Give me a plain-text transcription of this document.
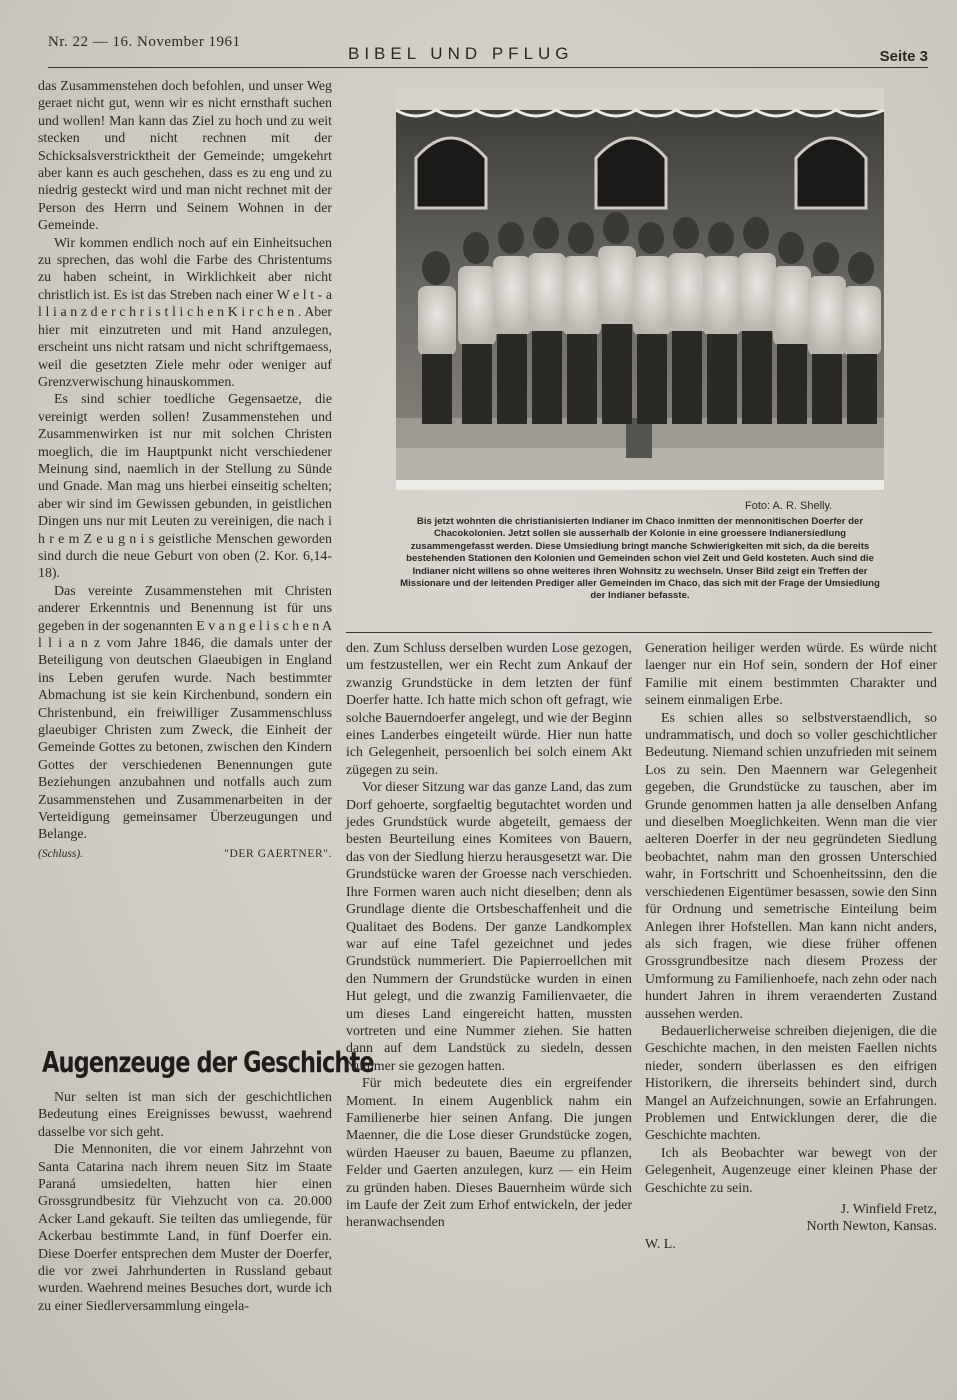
Nr. 22 — 16. November 1961
BIBEL UND PFLUG	Seite 3

das Zusammenstehen doch befohlen, und unser Weg geraet nicht gut, wenn wir es nicht ernsthaft suchen und wollen! Man kann das Ziel zu hoch und zu weit stecken und nicht rechnen mit der Schicksalsverstricktheit der Gemeinde; umgekehrt aber kann es auch geschehen, dass es zu eng und zu niedrig gesteckt wird und man nicht rechnet mit der Person des Herrn und Seinem Wohnen in der Gemeinde.

Wir kommen endlich noch auf ein Einheitsuchen zu sprechen, das wohl die Farbe des Christentums zu haben scheint, in Wirklichkeit aber nicht christlich ist. Es ist das Streben nach einer W e l t - a l l i a n z d e r c h r i s t l i c h e n K i r c h e n . Aber hier mit einzutreten und mit Hand anzulegen, erscheint uns nicht ratsam und nicht schriftgemaess, weil die gesetzten Ziele mehr oder weniger auf Grenzverwischung hinauskommen.

Es sind schier toedliche Gegensaetze, die vereinigt werden sollen! Zusammenstehen und Zusammenwirken ist nur mit solchen Christen moeglich, die im Hauptpunkt nicht verschiedener Meinung sind, naemlich in der Stellung zu Sünde und Gnade. Man mag uns hierbei einseitig schelten; aber wir sind im Gewissen gebunden, in geistlichen Dingen uns nur mit Leuten zu vereinigen, die nach i h r e m Z e u g n i s geistliche Menschen geworden sind durch die neue Geburt von oben (2. Kor. 6,14-18).

Das vereinte Zusammenstehen mit Christen anderer Erkenntnis und Benennung ist für uns gegeben in der sogenannten E v a n g e l i s c h e n A l l i a n z vom Jahre 1846, die damals unter der Beteiligung von deutschen Glaeubigen in England ins Leben gerufen wurde. Nach bestimmter Abmachung ist sie kein Kirchenbund, sondern ein Christenbund, ein freiwilliger Zusammenschluss glaeubiger Christen zum Zweck, die Einheit der Gemeinde Gottes zu betonen, zwischen den Kindern Gottes der verschiedenen Benennungen gute Beziehungen anzubahnen und notfalls auch zum Zusammenstehen und Zusammenarbeiten in der Verteidigung gemeinsamer Überzeugungen und Belange.

(Schluss).	"DER GAERTNER".
Foto: A. R. Shelly.
Bis jetzt wohnten die christianisierten Indianer im Chaco inmitten der mennonitischen Doerfer der Chacokolonien. Jetzt sollen sie ausserhalb der Kolonie in eine groessere Indianersiedlung zusammengefasst werden. Diese Umsiedlung bringt manche Schwierigkeiten mit sich, da die bereits bestehenden Stationen den Kolonien und Gemeinden schon viel Zeit und Geld kosteten. Auch sind die Indianer nicht willens so ohne weiteres ihren Wohnsitz zu wechseln. Unser Bild zeigt ein Treffen der Missionare und der leitenden Prediger aller Gemeinden im Chaco, das sich mit der Frage der Umsiedlung der Indianer befasste.
Augenzeuge der Geschichte

Nur selten ist man sich der geschichtlichen Bedeutung eines Ereignisses bewusst, waehrend dasselbe vor sich geht.

Die Mennoniten, die vor einem Jahrzehnt von Santa Catarina nach ihrem neuen Sitz im Staate Paraná umsiedelten, hatten hier einen Grossgrundbesitz für Viehzucht von ca. 20.000 Acker Land gekauft. Sie teilten das umliegende, für Ackerbau bestimmte Land, in fünf Doerfer ein. Diese Doerfer entsprechen dem Muster der Doerfer, die vor zwei Jahrhunderten in Russland gebaut wurden. Waehrend meines Besuches dort, wurde ich zu einer Siedlerversammlung eingela-

den. Zum Schluss derselben wurden Lose gezogen, um festzustellen, wer ein Recht zum Ankauf der zwanzig Grundstücke in dem letzten der fünf Doerfer hatte. Ich hatte mich schon oft gefragt, wie solche Bauerndoerfer angelegt, und wie der Beginn eines Landerbes eingeteilt würde. Hier nun hatte ich Gelegenheit, persoenlich bei solch einem Akt zügegen zu sein.

Vor dieser Sitzung war das ganze Land, das zum Dorf gehoerte, sorgfaeltig begutachtet worden und jedes Grundstück wurde abgeteilt, gemaess der besten Beurteilung eines Komitees von Bauern, das von der Siedlung hierzu herausgesetzt war. Die Grundstücke waren der Groesse nach verschieden. Ihre Formen waren auch nicht dieselben; denn als Grundlage diente die Ortsbeschaffenheit und die Qualitaet des Bodens. Der ganze Landkomplex war auf eine Tafel gezeichnet und jedes Grundstück nummeriert. Die Papierroellchen mit den Nummern der Grundstücke wurden in einen Hut gelegt, und die zwanzig Familienvaeter, die um dieses Land eingereicht hatten, mussten vortreten und eine Nummer ziehen. Sie hatten dann auf dem Landstück zu siedeln, dessen Nummer sie gezogen hatten.

Für mich bedeutete dies ein ergreifender Moment. In einem Augenblick nahm ein Familienerbe hier seinen Anfang. Die jungen Maenner, die die Lose dieser Grundstücke zogen, würden Haeuser zu bauen, Baeume zu pflanzen, Felder und Gaerten anzulegen, kurz — ein Heim zu gründen haben. Dieses Bauernheim würde sich im Laufe der Zeit zum Erhof entwickeln, der jeder heranwachsenden

Generation heiliger werden würde. Es würde nicht laenger nur ein Hof sein, sondern der Hof einer Familie mit einem bestimmten Charakter und seinem einmaligen Erbe.

Es schien alles so selbstverstaendlich, so undrammatisch, und doch so voller geschichtlicher Bedeutung. Niemand schien unzufrieden mit seinem Los zu sein. Den Maennern war Gelegenheit gegeben, die Grundstücke zu tauschen, aber im Grunde genommen hatten ja alle denselben Anfang und dieselben Moeglichkeiten. Wenn man die vier aelteren Doerfer in der neu gegründeten Siedlung beobachtet, nahm man den grossen Unterschied wahr, in Fortschritt und Schoenheitssinn, den die verschiedenen Eigentümer besassen, sowie den Sinn für Ordnung und semetrische Einteilung beim Anlegen ihrer Hofstellen. Man kann nicht anders, als sich fragen, wie diese früher offenen Grossgrundbesitze nach diesem Prozess der Umformung zu Familienhoefe, nach zehn oder nach hundert Jahren in ihrem veraenderten Zustand aussehen werden.

Bedauerlicherweise schreiben diejenigen, die die Geschichte machen, in den meisten Faellen nichts nieder, sondern überlassen es den eifrigen Historikern, die ihrerseits behindert sind, durch Mangel an Aufzeichnungen, sowie an Erfahrungen. Problemen und Entwicklungen derer, die die Geschichte machten.

Ich als Beobachter war bewegt von der Gelegenheit, Augenzeuge einer kleinen Phase der Geschichte zu sein.

J. Winfield Fretz,
North Newton, Kansas.
W. L.
